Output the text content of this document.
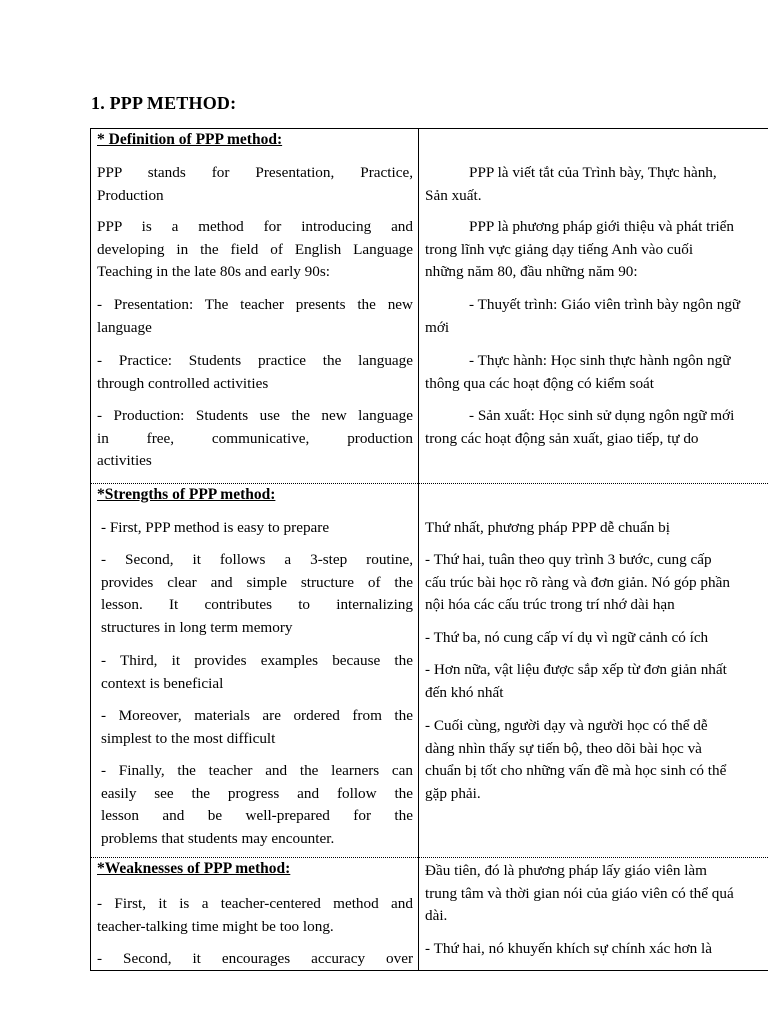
1. PPP METHOD:
* Definition of PPP method:
PPP stands for Presentation, Practice,
Production
PPP is a method for introducing and
developing in the field of English Language
Teaching in the late 80s and early 90s:
- Presentation: The teacher presents the new
language
- Practice: Students practice the language
through controlled activities
- Production: Students use the new language
in free, communicative, production
activities
PPP là viết tắt của Trình bày, Thực hành,
Sản xuất.
PPP là phương pháp giới thiệu và phát triển
trong lĩnh vực giảng dạy tiếng Anh vào cuối
những năm 80, đầu những năm 90:
- Thuyết trình: Giáo viên trình bày ngôn ngữ
mới
- Thực hành: Học sinh thực hành ngôn ngữ
thông qua các hoạt động có kiểm soát
- Sản xuất: Học sinh sử dụng ngôn ngữ mới
trong các hoạt động sản xuất, giao tiếp, tự do
*Strengths of PPP method:
- First, PPP method is easy to prepare
- Second, it follows a 3-step routine,
provides clear and simple structure of the
lesson. It contributes to internalizing
structures in long term memory
- Third, it provides examples because the
context is beneficial
- Moreover, materials are ordered from the
simplest to the most difficult
- Finally, the teacher and the learners can
easily see the progress and follow the
lesson and be well-prepared for the
problems that students may encounter.
Thứ nhất, phương pháp PPP dễ chuẩn bị
- Thứ hai, tuân theo quy trình 3 bước, cung cấp
cấu trúc bài học rõ ràng và đơn giản. Nó góp phần
nội hóa các cấu trúc trong trí nhớ dài hạn
- Thứ ba, nó cung cấp ví dụ vì ngữ cảnh có ích
- Hơn nữa, vật liệu được sắp xếp từ đơn giản nhất
đến khó nhất
- Cuối cùng, người dạy và người học có thể dễ
dàng nhìn thấy sự tiến bộ, theo dõi bài học và
chuẩn bị tốt cho những vấn đề mà học sinh có thể
gặp phải.
*Weaknesses of PPP method:
- First, it is a teacher-centered method and
teacher-talking time might be too long.
- Second, it encourages accuracy over
Đầu tiên, đó là phương pháp lấy giáo viên làm
trung tâm và thời gian nói của giáo viên có thể quá
dài.
- Thứ hai, nó khuyến khích sự chính xác hơn là
